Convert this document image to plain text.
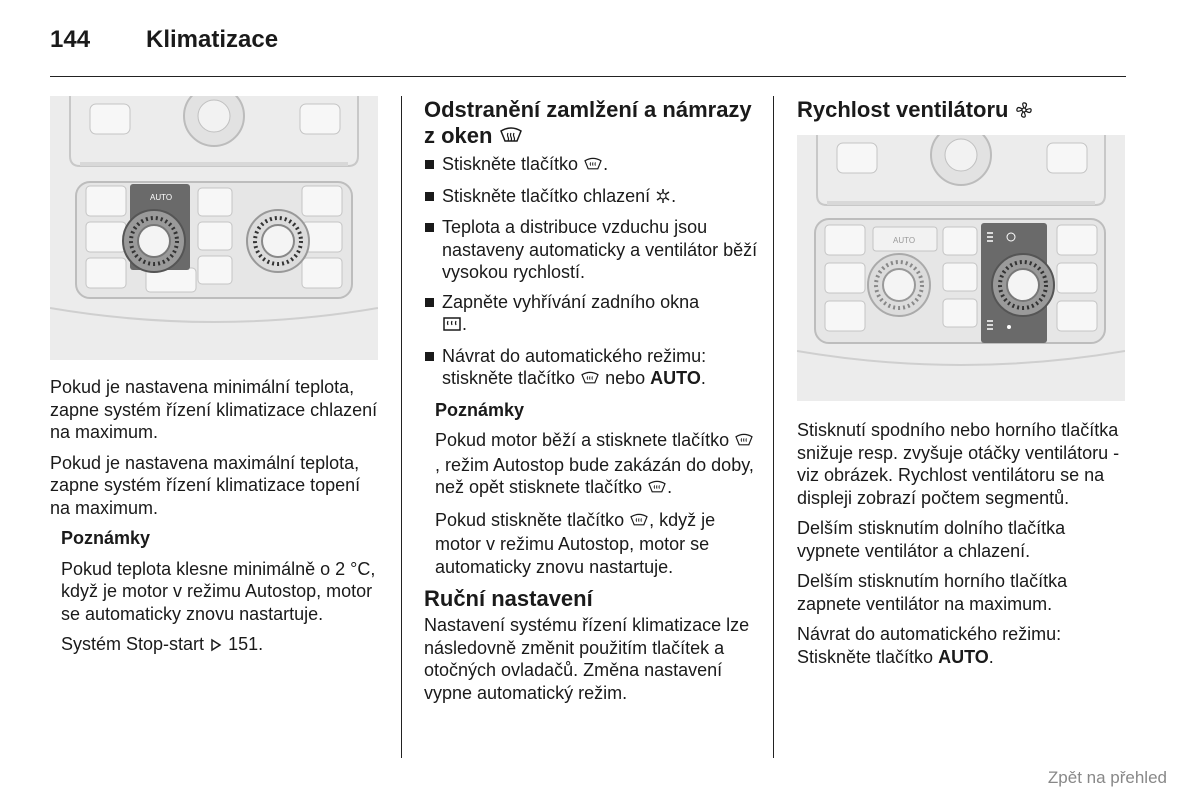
144 Klimatizace
AUTO

Pokud je nastavena minimální teplota, zapne systém řízení klimatizace chlazení na maximum.

Pokud je nastavena maximální teplota, zapne systém řízení klimatizace topení na maximum.

Poznámky

Pokud teplota klesne minimálně o 2 °C, když je motor v režimu Autostop, motor se automaticky znovu nastartuje.

Systém Stop-start 151.

Odstranění zamlžení a námrazy
z oken
Stiskněte tlačítko .
Stiskněte tlačítko chlazení .
Teplota a distribuce vzduchu jsou nastaveny automaticky a ventilátor běží vysokou rychlostí.
Zapněte vyhřívání zadního okna
.
Návrat do automatického režimu: stiskněte tlačítko nebo AUTO.

Poznámky

Pokud motor běží a stisknete tlačítko , režim Autostop bude zakázán do doby, než opět stisknete tlačítko .

Pokud stiskněte tlačítko , když je motor v režimu Autostop, motor se automaticky znovu nastartuje.

Ruční nastavení

Nastavení systému řízení klimatizace lze následovně změnit použitím tlačítek a otočných ovladačů. Změna nastavení vypne automatický režim.

Rychlost ventilátoru
AUTO

Stisknutí spodního nebo horního tlačítka snižuje resp. zvyšuje otáčky ventilátoru - viz obrázek. Rychlost ventilátoru se na displeji zobrazí počtem segmentů.

Delším stisknutím dolního tlačítka vypnete ventilátor a chlazení.

Delším stisknutím horního tlačítka zapnete ventilátor na maximum.

Návrat do automatického režimu: Stiskněte tlačítko AUTO.

Zpět na přehled
